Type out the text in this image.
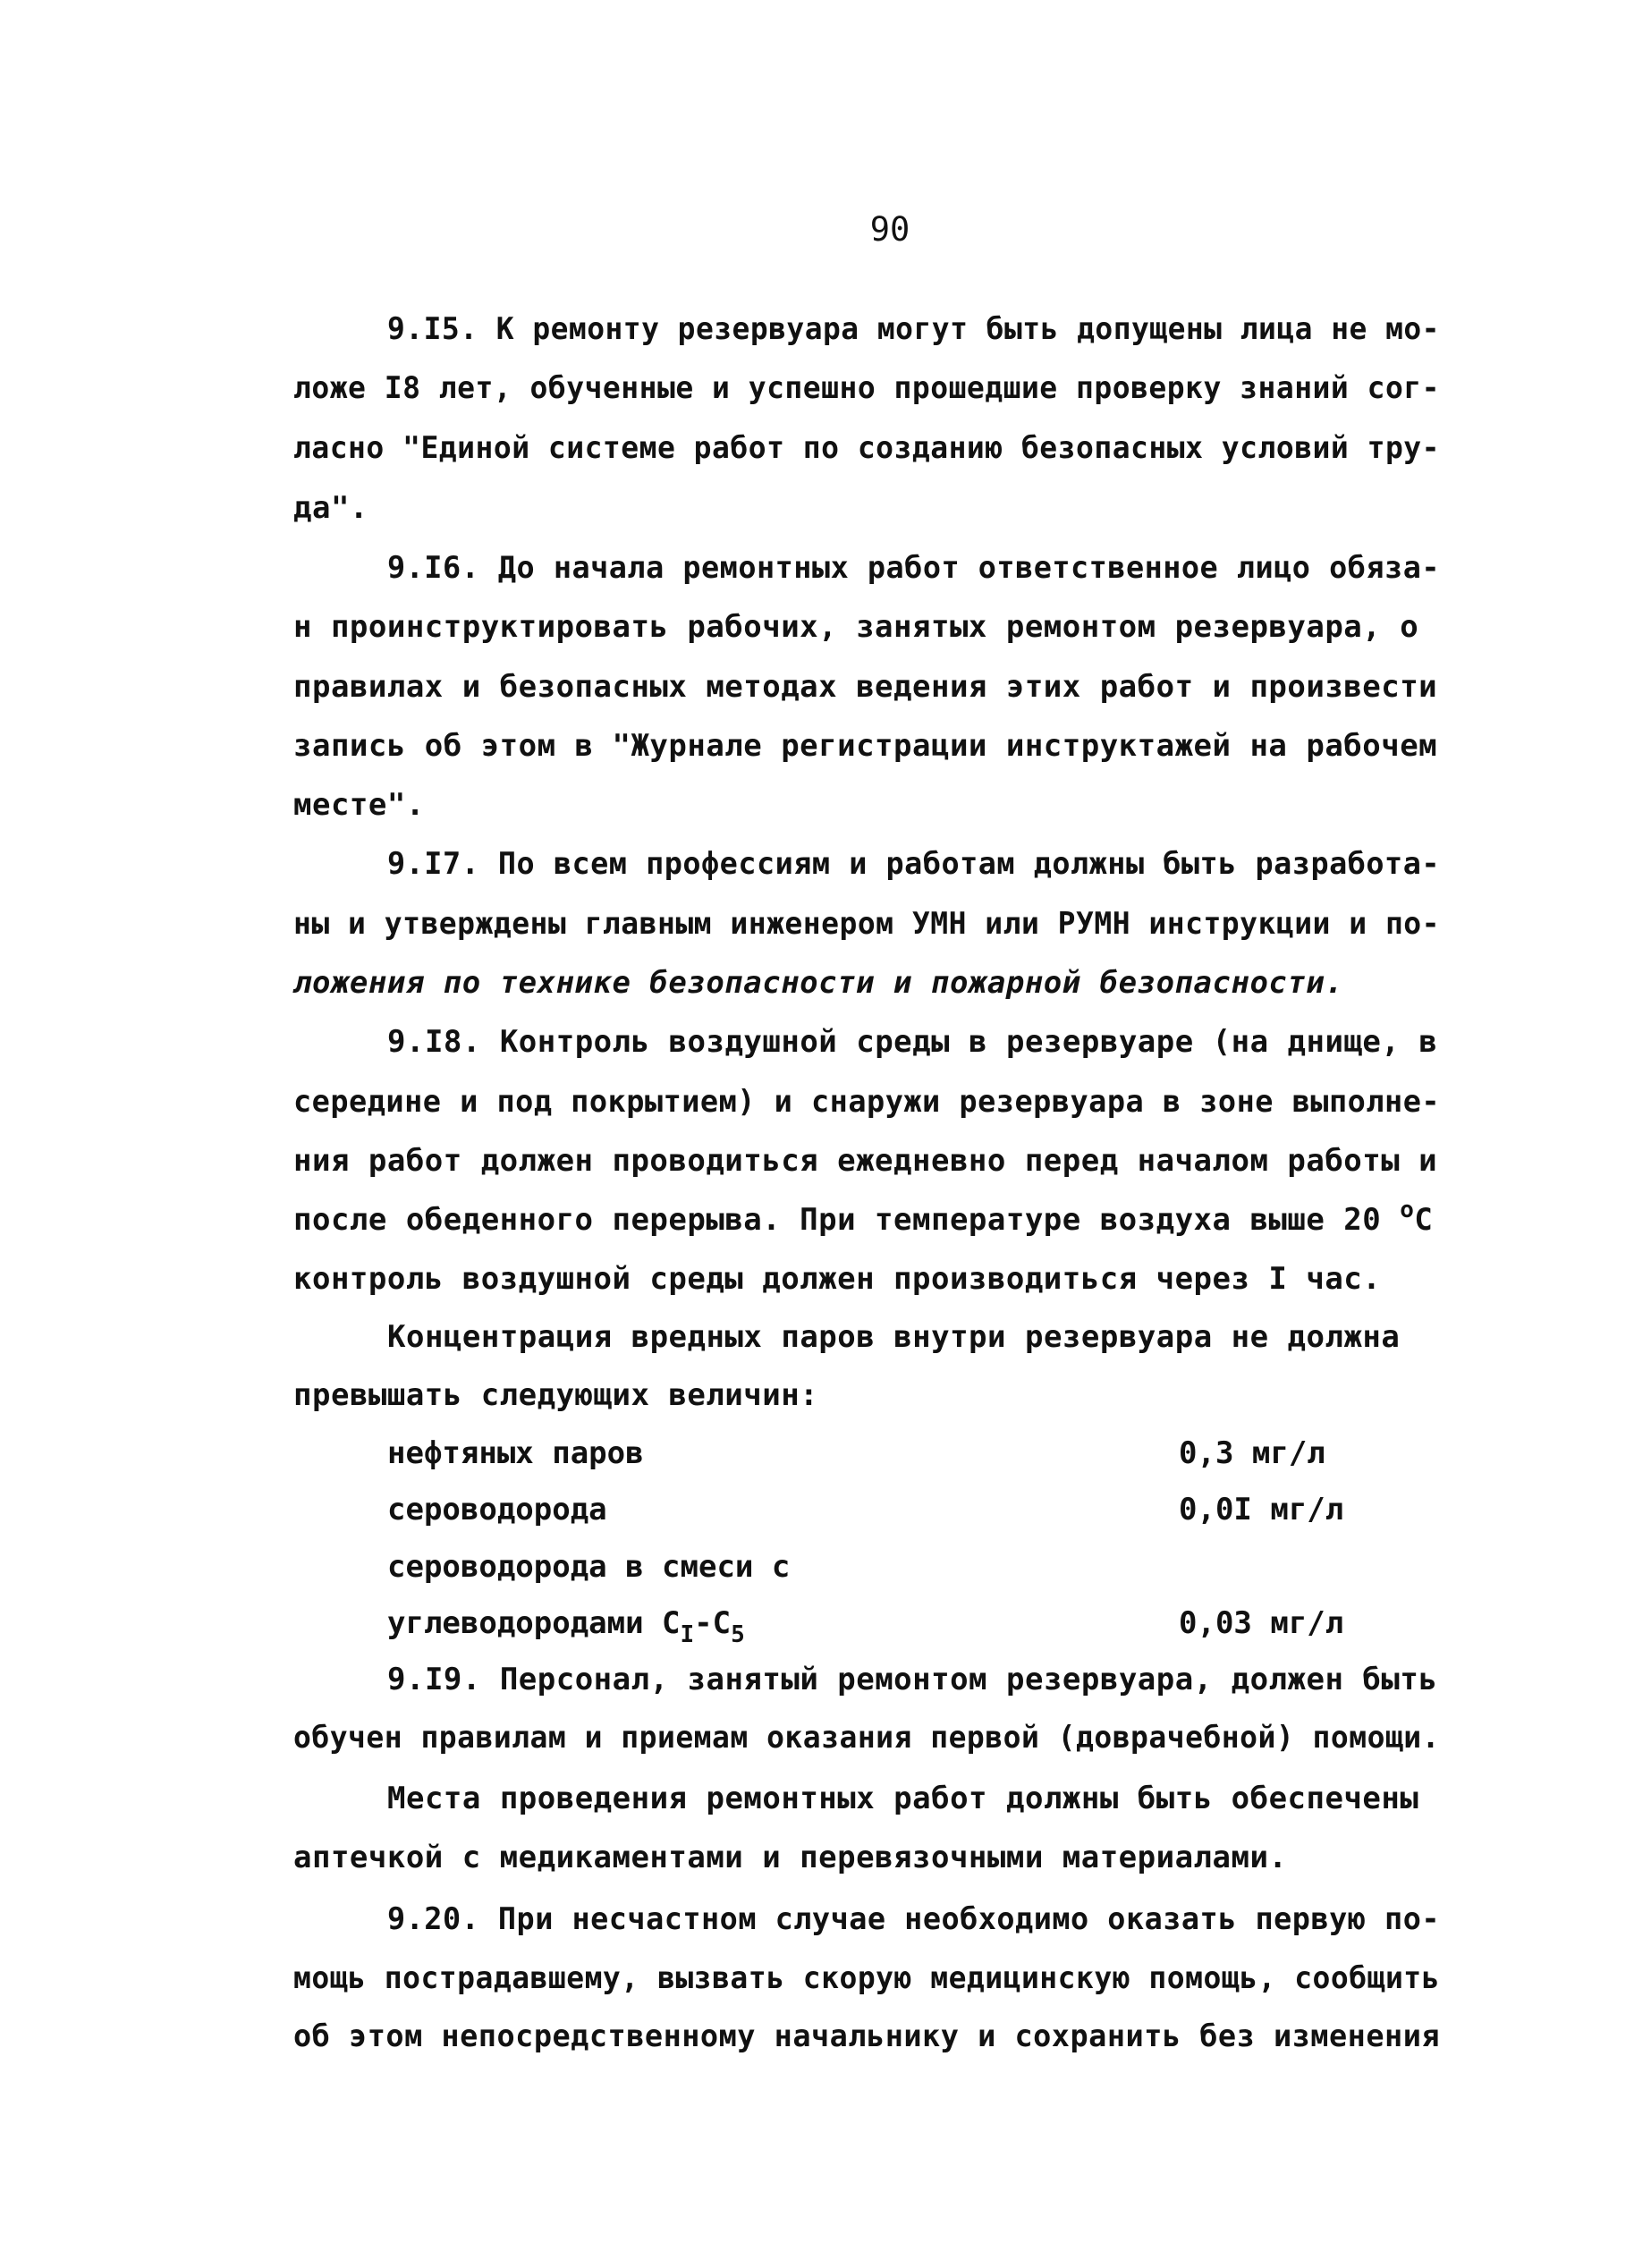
90
9.I5. К ремонту резервуара могут быть допущены лица не мо-
ложе I8 лет, обученные и успешно прошедшие проверку знаний сог-
ласно "Единой системе работ по созданию безопасных условий тру-
да".
9.I6. До начала ремонтных работ ответственное лицо обяза-
н проинструктировать рабочих, занятых ремонтом резервуара, о
правилах и безопасных методах ведения этих работ и произвести
запись об этом в "Журнале регистрации инструктажей на рабочем
месте".
9.I7. По всем профессиям и работам должны быть разработа-
ны и утверждены главным инженером УМН или РУМН инструкции и по-
ложения по технике безопасности и пожарной безопасности.
9.I8. Контроль воздушной среды в резервуаре (на днище, в
середине и под покрытием) и снаружи резервуара в зоне выполне-
ния работ должен проводиться ежедневно перед началом работы и
после обеденного перерыва. При температуре воздуха выше 20 $^о$С
контроль воздушной среды должен производиться через I час.
Концентрация вредных паров внутри резервуара не должна
превышать следующих величин:
нефтяных паров	0,3 мг/л
сероводорода	0,0I мг/л
сероводорода в смеси с
углеводородами $С_I-С_5$	0,03 мг/л
9.I9. Персонал, занятый ремонтом резервуара, должен быть
обучен правилам и приемам оказания первой (доврачебной) помощи.
Места проведения ремонтных работ должны быть обеспечены
аптечкой с медикаментами и перевязочными материалами.
9.20. При несчастном случае необходимо оказать первую по-
мощь пострадавшему, вызвать скорую медицинскую помощь, сообщить
об этом непосредственному начальнику и сохранить без изменения
